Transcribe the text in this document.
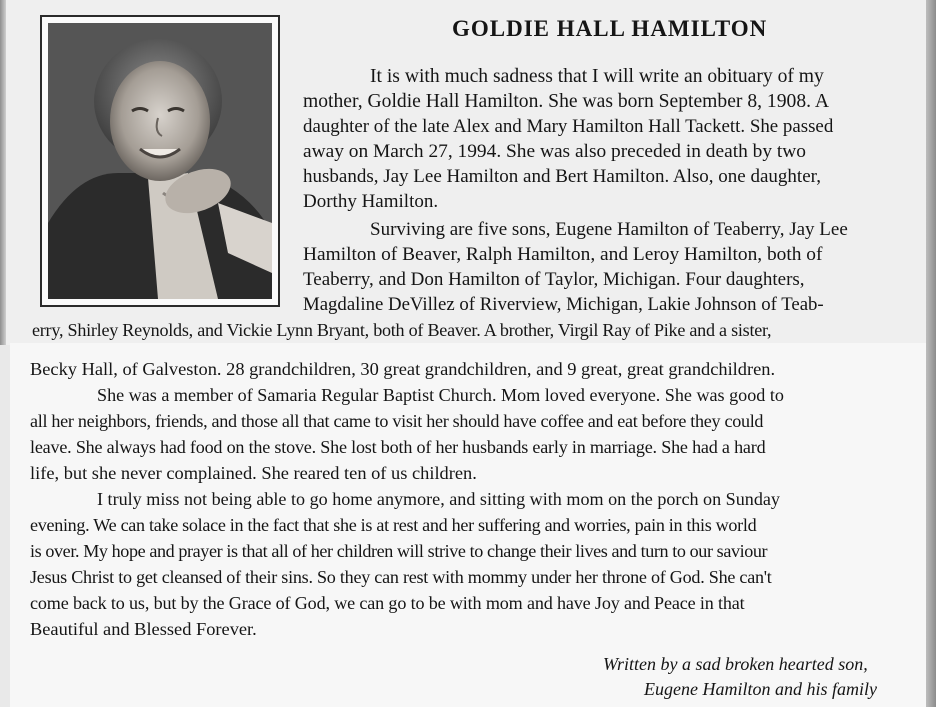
GOLDIE HALL HAMILTON
It is with much sadness that I will write an obituary of my
mother, Goldie Hall Hamilton. She was born September 8, 1908. A
daughter of the late Alex and Mary Hamilton Hall Tackett. She passed
away on March 27, 1994. She was also preceded in death by two
husbands, Jay Lee Hamilton and Bert Hamilton. Also, one daughter,
Dorthy Hamilton.
Surviving are five sons, Eugene Hamilton of Teaberry, Jay Lee
Hamilton of Beaver, Ralph Hamilton, and Leroy Hamilton, both of
Teaberry, and Don Hamilton of Taylor, Michigan. Four daughters,
Magdaline DeVillez of Riverview, Michigan, Lakie Johnson of Teab-
erry, Shirley Reynolds, and Vickie Lynn Bryant, both of Beaver. A brother, Virgil Ray of Pike and a sister,
Becky Hall, of Galveston. 28 grandchildren, 30 great grandchildren, and 9 great, great grandchildren.
She was a member of Samaria Regular Baptist Church. Mom loved everyone. She was good to
all her neighbors, friends, and those all that came to visit her should have coffee and eat before they could
leave. She always had food on the stove. She lost both of her husbands early in marriage. She had a hard
life, but she never complained. She reared ten of us children.
I truly miss not being able to go home anymore, and sitting with mom on the porch on Sunday
evening. We can take solace in the fact that she is at rest and her suffering and worries, pain in this world
is over. My hope and prayer is that all of her children will strive to change their lives and turn to our saviour
Jesus Christ to get cleansed of their sins. So they can rest with mommy under her throne of God. She can't
come back to us, but by the Grace of God, we can go to be with mom and have Joy and Peace in that
Beautiful and Blessed Forever.
Written by a sad broken hearted son,
Eugene Hamilton and his family
